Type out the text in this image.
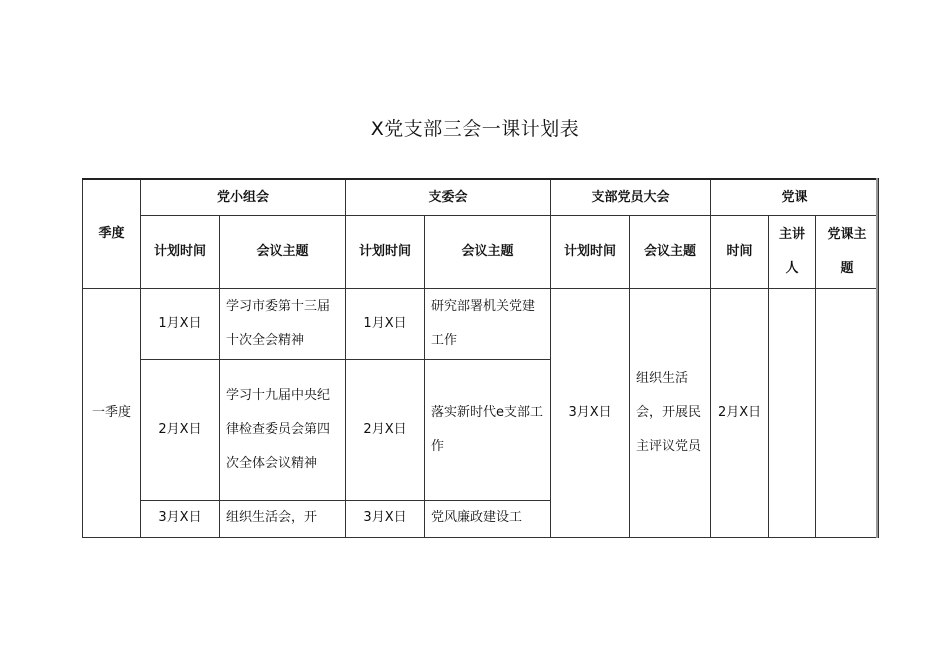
X党支部三会一课计划表
季度	党小组会		支委会		支部党员大会		党课		
	计划时间	会议主题	计划时间	会议主题	计划时间	会议主题	时间	主讲人	党课主题
一季度	1月X日	学习市委第十三届十次全会精神	1月X日	研究部署机关党建工作	3月X日	组织生活会，开展民主评议党员	2月X日		
	2月X日	学习十九届中央纪律检查委员会第四次全体会议精神	2月X日	落实新时代e支部工作					
	3月X日	组织生活会，开	3月X日	党风廉政建设工					
